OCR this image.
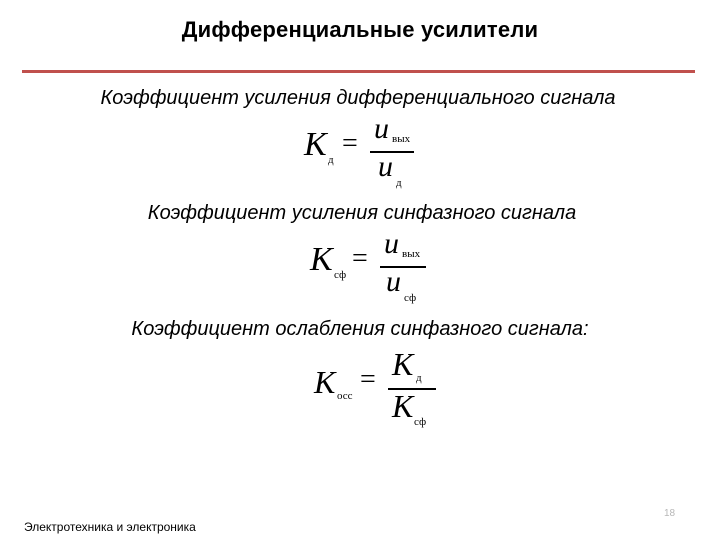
Дифференциальные усилители
Коэффициент усиления дифференциального сигнала
K д
= u вых
u д
Коэффициент усиления синфазного сигнала
K сф
= u вых
u сф
Коэффициент ослабления синфазного сигнала:
K осс
= K д
K сф
18
Электротехника и электроника
